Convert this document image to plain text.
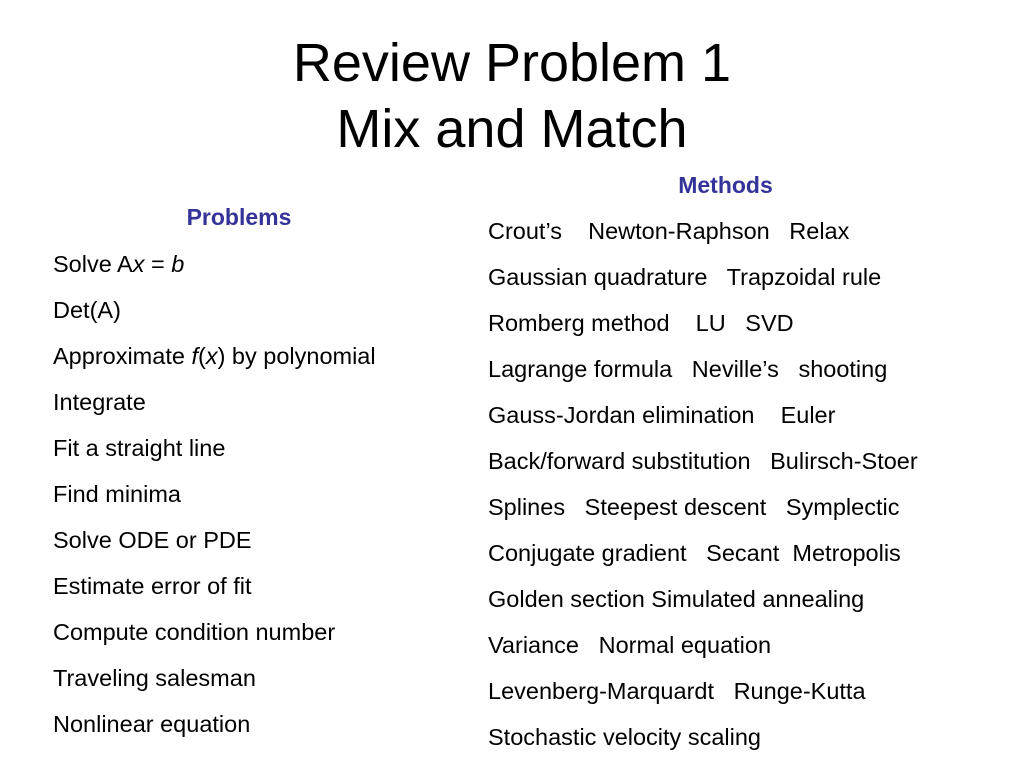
Review Problem 1
Mix and Match
Problems
Methods
Solve Ax = b
Det(A)
Approximate f(x) by polynomial
Integrate
Fit a straight line
Find minima
Solve ODE or PDE
Estimate error of fit
Compute condition number
Traveling salesman
Nonlinear equation
Crout’s    Newton-Raphson   Relax
Gaussian quadrature   Trapzoidal rule
Romberg method    LU   SVD
Lagrange formula   Neville’s   shooting
Gauss-Jordan elimination    Euler
Back/forward substitution   Bulirsch-Stoer
Splines   Steepest descent   Symplectic
Conjugate gradient   Secant  Metropolis
Golden section Simulated annealing
Variance   Normal equation
Levenberg-Marquardt   Runge-Kutta
Stochastic velocity scaling
